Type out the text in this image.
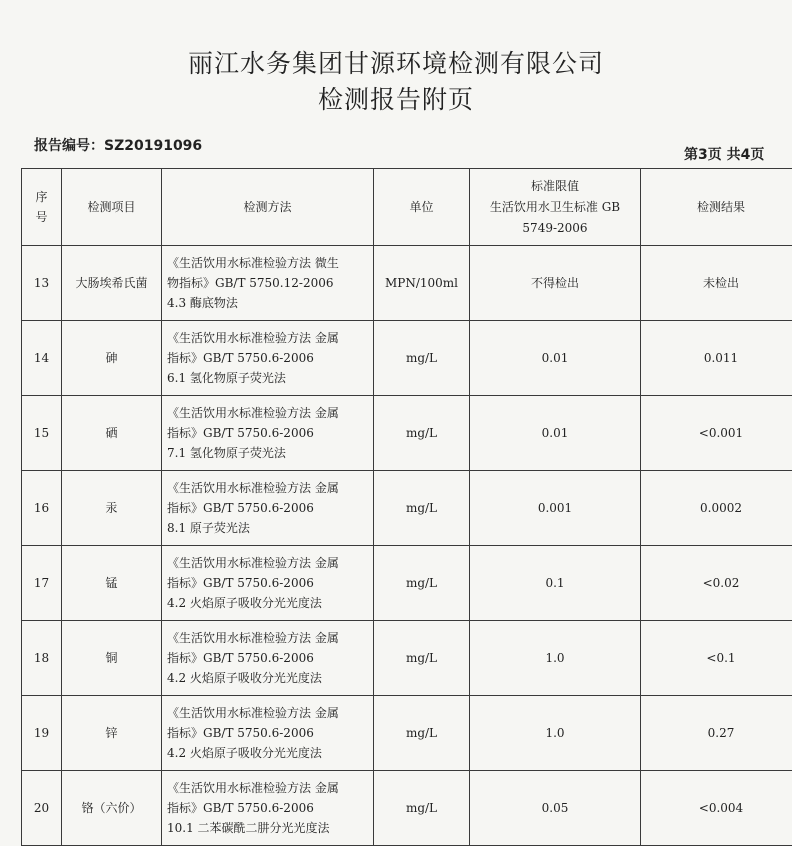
丽江水务集团甘源环境检测有限公司
检测报告附页
报告编号：SZ20191096
第3页 共4页
序
号	检测项目	检测方法	单位	标准限值
生活饮用水卫生标准 GB
5749-2006	检测结果
13	大肠埃希氏菌	《生活饮用水标准检验方法 微生
物指标》GB/T 5750.12-2006
4.3 酶底物法	MPN/100ml	不得检出	未检出
14	砷	《生活饮用水标准检验方法 金属
指标》GB/T 5750.6-2006
6.1 氢化物原子荧光法	mg/L	0.01	0.011
15	硒	《生活饮用水标准检验方法 金属
指标》GB/T 5750.6-2006
7.1 氢化物原子荧光法	mg/L	0.01	<0.001
16	汞	《生活饮用水标准检验方法 金属
指标》GB/T 5750.6-2006
8.1 原子荧光法	mg/L	0.001	0.0002
17	锰	《生活饮用水标准检验方法 金属
指标》GB/T 5750.6-2006
4.2 火焰原子吸收分光光度法	mg/L	0.1	<0.02
18	铜	《生活饮用水标准检验方法 金属
指标》GB/T 5750.6-2006
4.2 火焰原子吸收分光光度法	mg/L	1.0	<0.1
19	锌	《生活饮用水标准检验方法 金属
指标》GB/T 5750.6-2006
4.2 火焰原子吸收分光光度法	mg/L	1.0	0.27
20	铬（六价）	《生活饮用水标准检验方法 金属
指标》GB/T 5750.6-2006
10.1 二苯碳酰二肼分光光度法	mg/L	0.05	<0.004
